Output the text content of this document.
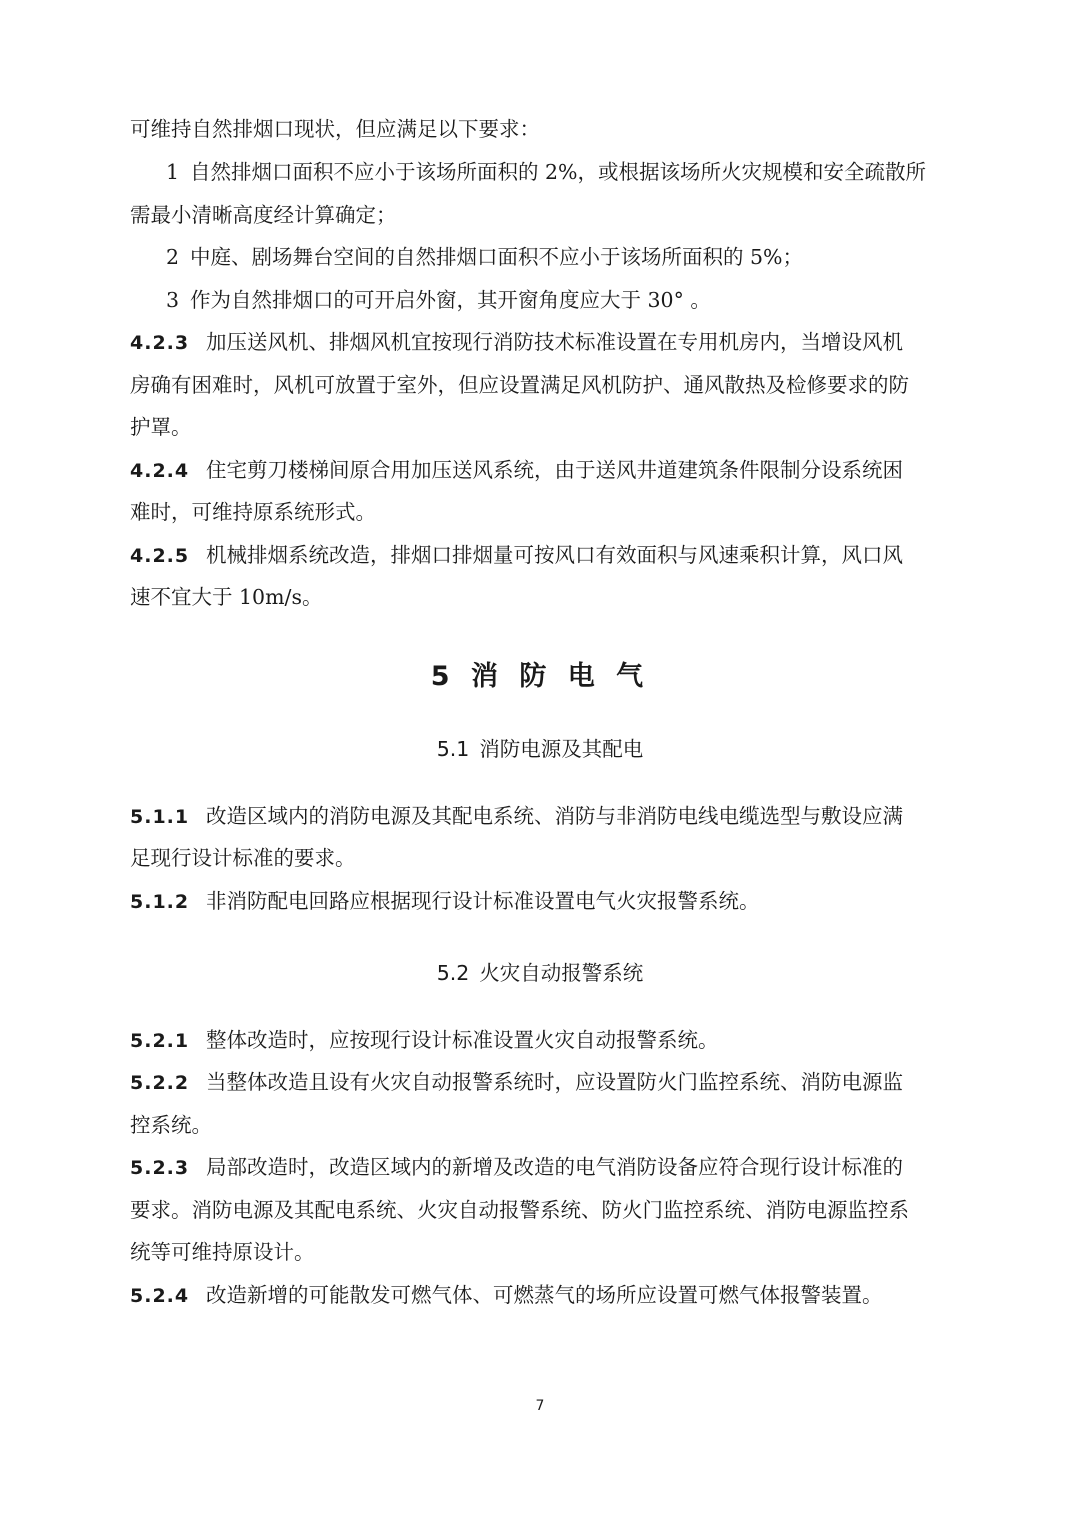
可维持自然排烟口现状，但应满足以下要求：
1 自然排烟口面积不应小于该场所面积的 2%，或根据该场所火灾规模和安全疏散所
需最小清晰高度经计算确定；
2 中庭、剧场舞台空间的自然排烟口面积不应小于该场所面积的 5%；
3 作为自然排烟口的可开启外窗，其开窗角度应大于 30° 。
4.2.3 加压送风机、排烟风机宜按现行消防技术标准设置在专用机房内，当增设风机
房确有困难时，风机可放置于室外，但应设置满足风机防护、通风散热及检修要求的防
护罩。
4.2.4 住宅剪刀楼梯间原合用加压送风系统，由于送风井道建筑条件限制分设系统困
难时，可维持原系统形式。
4.2.5 机械排烟系统改造，排烟口排烟量可按风口有效面积与风速乘积计算，风口风
速不宜大于 10m/s。
5 消 防 电 气
5.1 消防电源及其配电
5.1.1 改造区域内的消防电源及其配电系统、消防与非消防电线电缆选型与敷设应满
足现行设计标准的要求。
5.1.2 非消防配电回路应根据现行设计标准设置电气火灾报警系统。
5.2 火灾自动报警系统
5.2.1 整体改造时，应按现行设计标准设置火灾自动报警系统。
5.2.2 当整体改造且设有火灾自动报警系统时，应设置防火门监控系统、消防电源监
控系统。
5.2.3 局部改造时，改造区域内的新增及改造的电气消防设备应符合现行设计标准的
要求。消防电源及其配电系统、火灾自动报警系统、防火门监控系统、消防电源监控系
统等可维持原设计。
5.2.4 改造新增的可能散发可燃气体、可燃蒸气的场所应设置可燃气体报警装置。
7
